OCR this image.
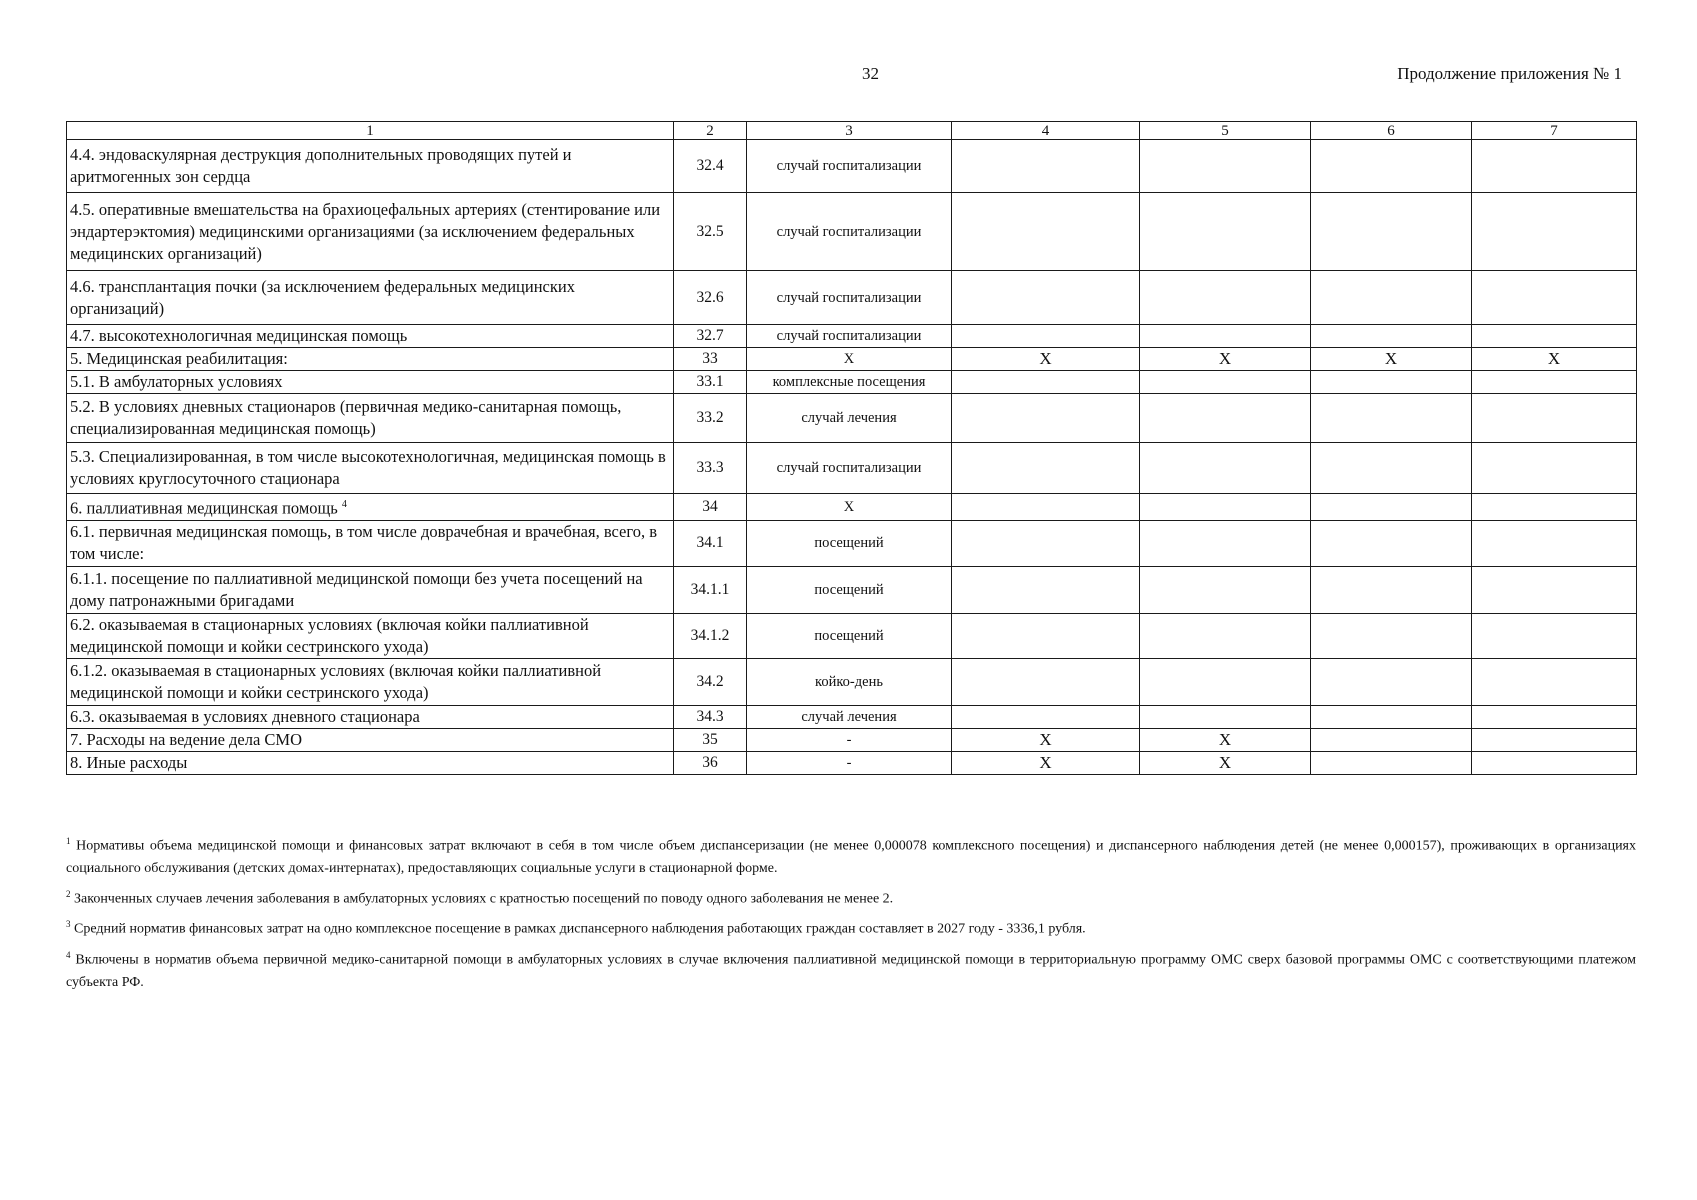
32	Продолжение приложения № 1
1	2	3	4	5	6	7
4.4. эндоваскулярная деструкция дополнительных проводящих путей и аритмогенных зон сердца	32.4	случай госпитализации				
4.5. оперативные вмешательства на брахиоцефальных артериях (стентирование или эндартерэктомия) медицинскими организациями (за исключением федеральных медицинских организаций)	32.5	случай госпитализации				
4.6. трансплантация почки (за исключением федеральных медицинских организаций)	32.6	случай госпитализации				
4.7. высокотехнологичная медицинская помощь	32.7	случай госпитализации				
5. Медицинская реабилитация:	33	X	X	X	X	X
5.1. В амбулаторных условиях	33.1	комплексные посещения				
5.2. В условиях дневных стационаров (первичная медико-санитарная помощь, специализированная медицинская помощь)	33.2	случай лечения				
5.3. Специализированная, в том числе высокотехнологичная, медицинская помощь в условиях круглосуточного стационара	33.3	случай госпитализации				
6. паллиативная медицинская помощь $^4$	34	X				
6.1. первичная медицинская помощь, в том числе доврачебная и врачебная, всего, в том числе:	34.1	посещений				
6.1.1. посещение по паллиативной медицинской помощи без учета посещений на дому патронажными бригадами	34.1.1	посещений				
6.2. оказываемая в стационарных условиях (включая койки паллиативной медицинской помощи и койки сестринского ухода)	34.1.2	посещений				
6.1.2. оказываемая в стационарных условиях (включая койки паллиативной медицинской помощи и койки сестринского ухода)	34.2	койко-день				
6.3. оказываемая в условиях дневного стационара	34.3	случай лечения				
7. Расходы на ведение дела СМО	35	-	X	X		
8. Иные расходы	36	-	X	X		

$^1$ Нормативы объема медицинской помощи и финансовых затрат включают в себя в том числе объем диспансеризации (не менее 0,000078 комплексного посещения) и диспансерного наблюдения детей (не менее 0,000157), проживающих в организациях социального обслуживания (детских домах-интернатах), предоставляющих социальные услуги в стационарной форме.

$^2$ Законченных случаев лечения заболевания в амбулаторных условиях с кратностью посещений по поводу одного заболевания не менее 2.

$^3$ Средний норматив финансовых затрат на одно комплексное посещение в рамках диспансерного наблюдения работающих граждан составляет в 2027 году - 3336,1 рубля.

$^4$ Включены в норматив объема первичной медико-санитарной помощи в амбулаторных условиях в случае включения паллиативной медицинской помощи в территориальную программу ОМС сверх базовой программы ОМС с соответствующими платежом субъекта РФ.
